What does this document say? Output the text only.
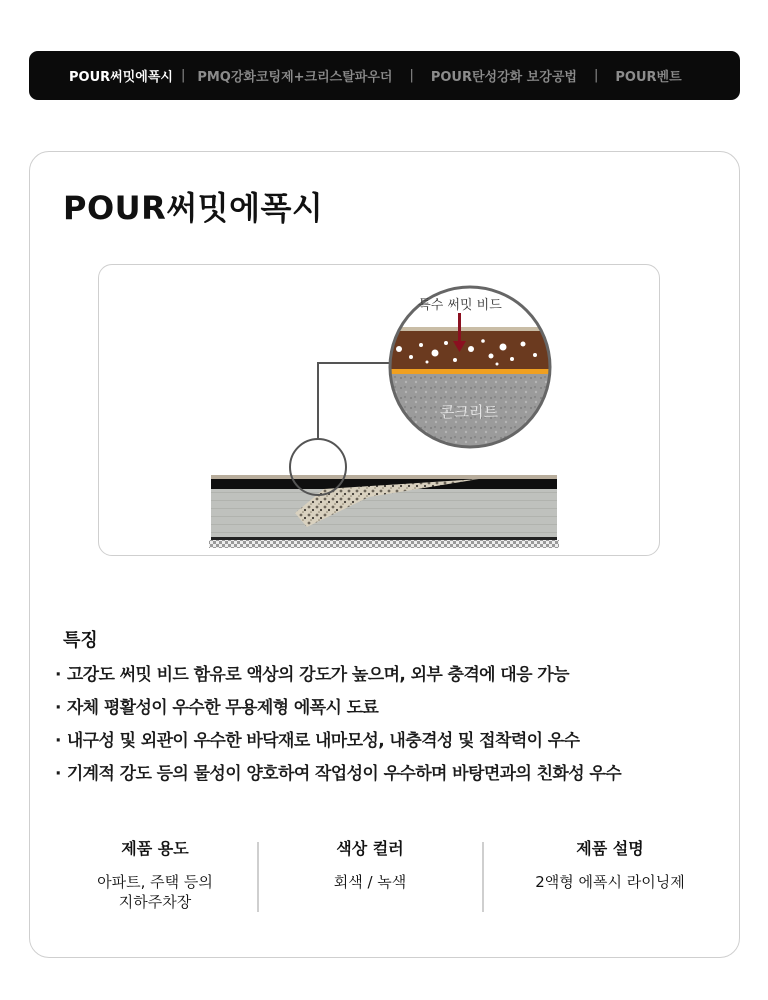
POUR써밋에폭시 | PMQ강화코팅제+크리스탈파우더 | POUR탄성강화 보강공법 | POUR벤트
POUR써밋에폭시
특수 써밋 비드
콘크리트
특징
· 고강도 써밋 비드 함유로 액상의 강도가 높으며, 외부 충격에 대응 가능
· 자체 평활성이 우수한 무용제형 에폭시 도료
· 내구성 및 외관이 우수한 바닥재로 내마모성, 내충격성 및 접착력이 우수
· 기계적 강도 등의 물성이 양호하여 작업성이 우수하며 바탕면과의 친화성 우수
제품 용도
아파트, 주택 등의
지하주차장
색상 컬러
회색 / 녹색
제품 설명
2액형 에폭시 라이닝제
